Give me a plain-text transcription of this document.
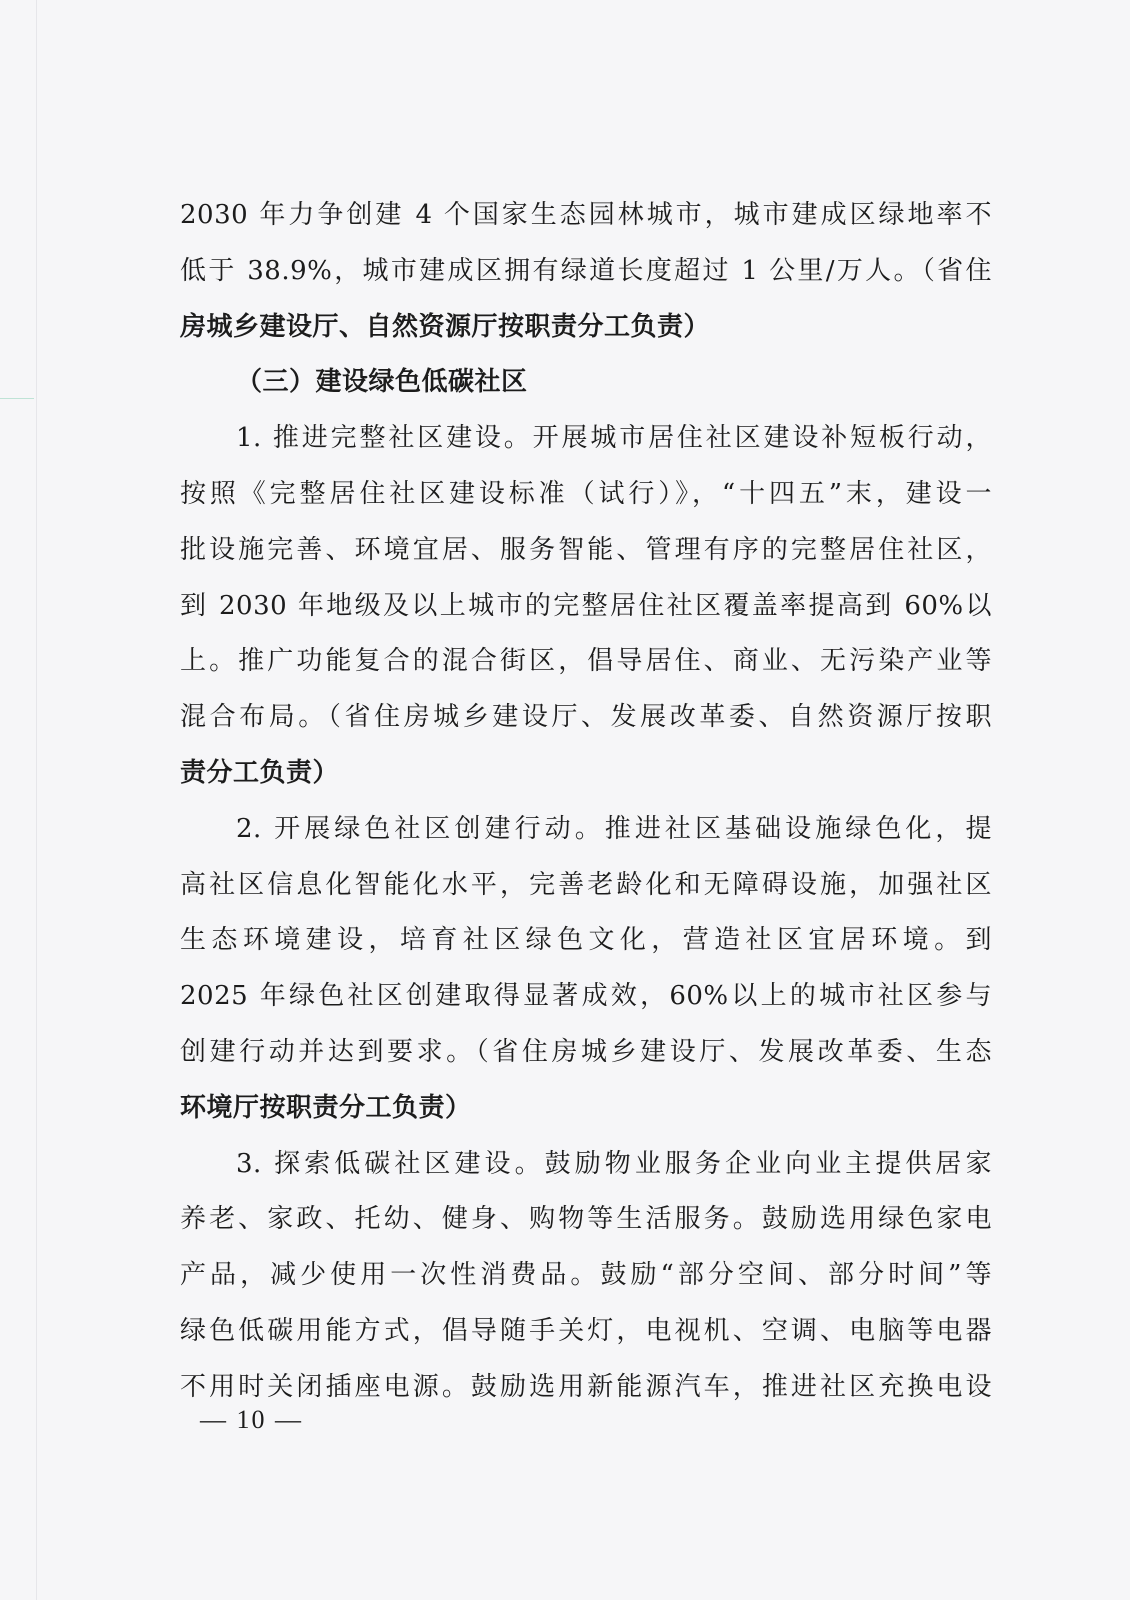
2030 年力争创建 4 个国家生态园林城市，城市建成区绿地率不
低于 38.9%，城市建成区拥有绿道长度超过 1 公里/万人。（省住
房城乡建设厅、自然资源厅按职责分工负责）
（三）建设绿色低碳社区
1. 推进完整社区建设。开展城市居住社区建设补短板行动，
按照《完整居住社区建设标准（试行）》，“十四五”末，建设一
批设施完善、环境宜居、服务智能、管理有序的完整居住社区，
到 2030 年地级及以上城市的完整居住社区覆盖率提高到 60%以
上。推广功能复合的混合街区，倡导居住、商业、无污染产业等
混合布局。（省住房城乡建设厅、发展改革委、自然资源厅按职
责分工负责）
2. 开展绿色社区创建行动。推进社区基础设施绿色化，提
高社区信息化智能化水平，完善老龄化和无障碍设施，加强社区
生态环境建设，培育社区绿色文化，营造社区宜居环境。到
2025 年绿色社区创建取得显著成效，60%以上的城市社区参与
创建行动并达到要求。（省住房城乡建设厅、发展改革委、生态
环境厅按职责分工负责）
3. 探索低碳社区建设。鼓励物业服务企业向业主提供居家
养老、家政、托幼、健身、购物等生活服务。鼓励选用绿色家电
产品，减少使用一次性消费品。鼓励“部分空间、部分时间”等
绿色低碳用能方式，倡导随手关灯，电视机、空调、电脑等电器
不用时关闭插座电源。鼓励选用新能源汽车，推进社区充换电设
— 10 —
